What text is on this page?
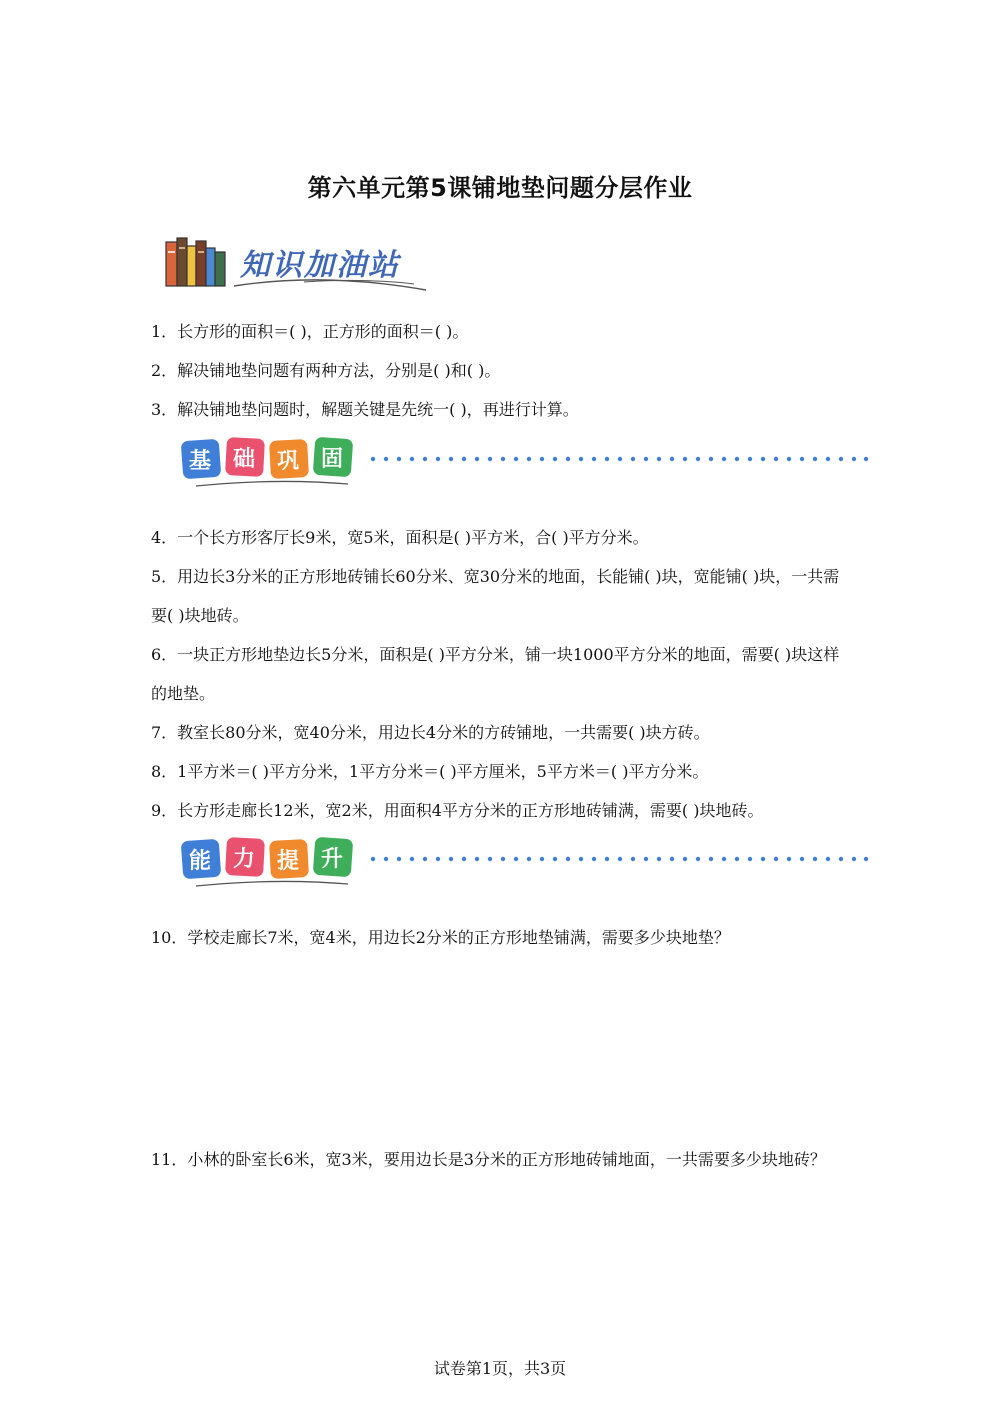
第六单元第5课铺地垫问题分层作业
知识加油站
1．长方形的面积＝( )，正方形的面积＝( )。
2．解决铺地垫问题有两种方法，分别是( )和( )。
3．解决铺地垫问题时，解题关键是先统一( )，再进行计算。
基 础 巩 固
4．一个长方形客厅长9米，宽5米，面积是( )平方米，合( )平方分米。
5．用边长3分米的正方形地砖铺长60分米、宽30分米的地面，长能铺( )块，宽能铺( )块，一共需要( )块地砖。
6．一块正方形地垫边长5分米，面积是( )平方分米，铺一块1000平方分米的地面，需要( )块这样的地垫。
7．教室长80分米，宽40分米，用边长4分米的方砖铺地，一共需要( )块方砖。
8．1平方米＝( )平方分米，1平方分米＝( )平方厘米，5平方米＝( )平方分米。
9．长方形走廊长12米，宽2米，用面积4平方分米的正方形地砖铺满，需要( )块地砖。
能 力 提 升
10．学校走廊长7米，宽4米，用边长2分米的正方形地垫铺满，需要多少块地垫？
11．小林的卧室长6米，宽3米，要用边长是3分米的正方形地砖铺地面，一共需要多少块地砖？
试卷第1页，共3页
